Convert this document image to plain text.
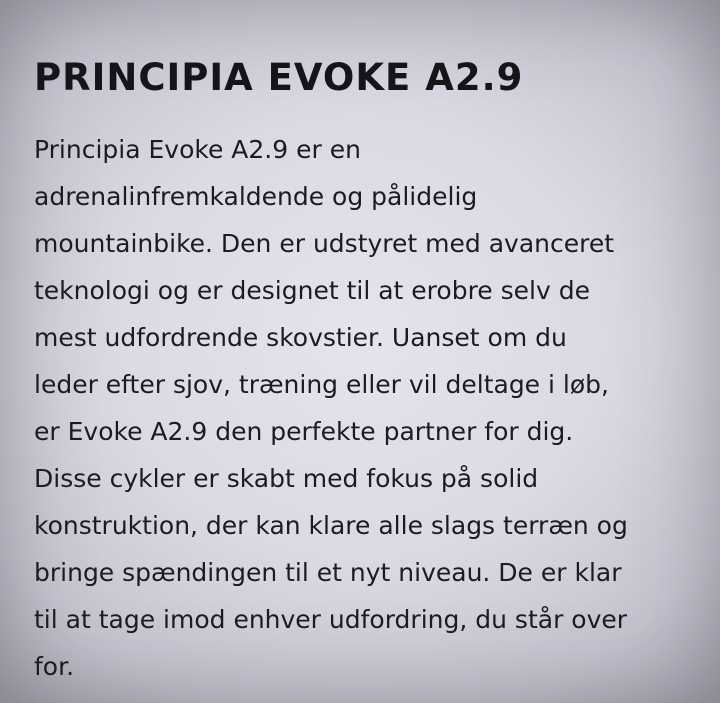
PRINCIPIA EVOKE A2.9

Principia Evoke A2.9 er en
adrenalinfremkaldende og pålidelig
mountainbike. Den er udstyret med avanceret
teknologi og er designet til at erobre selv de
mest udfordrende skovstier. Uanset om du
leder efter sjov, træning eller vil deltage i løb,
er Evoke A2.9 den perfekte partner for dig.
Disse cykler er skabt med fokus på solid
konstruktion, der kan klare alle slags terræn og
bringe spændingen til et nyt niveau. De er klar
til at tage imod enhver udfordring, du står over
for.
